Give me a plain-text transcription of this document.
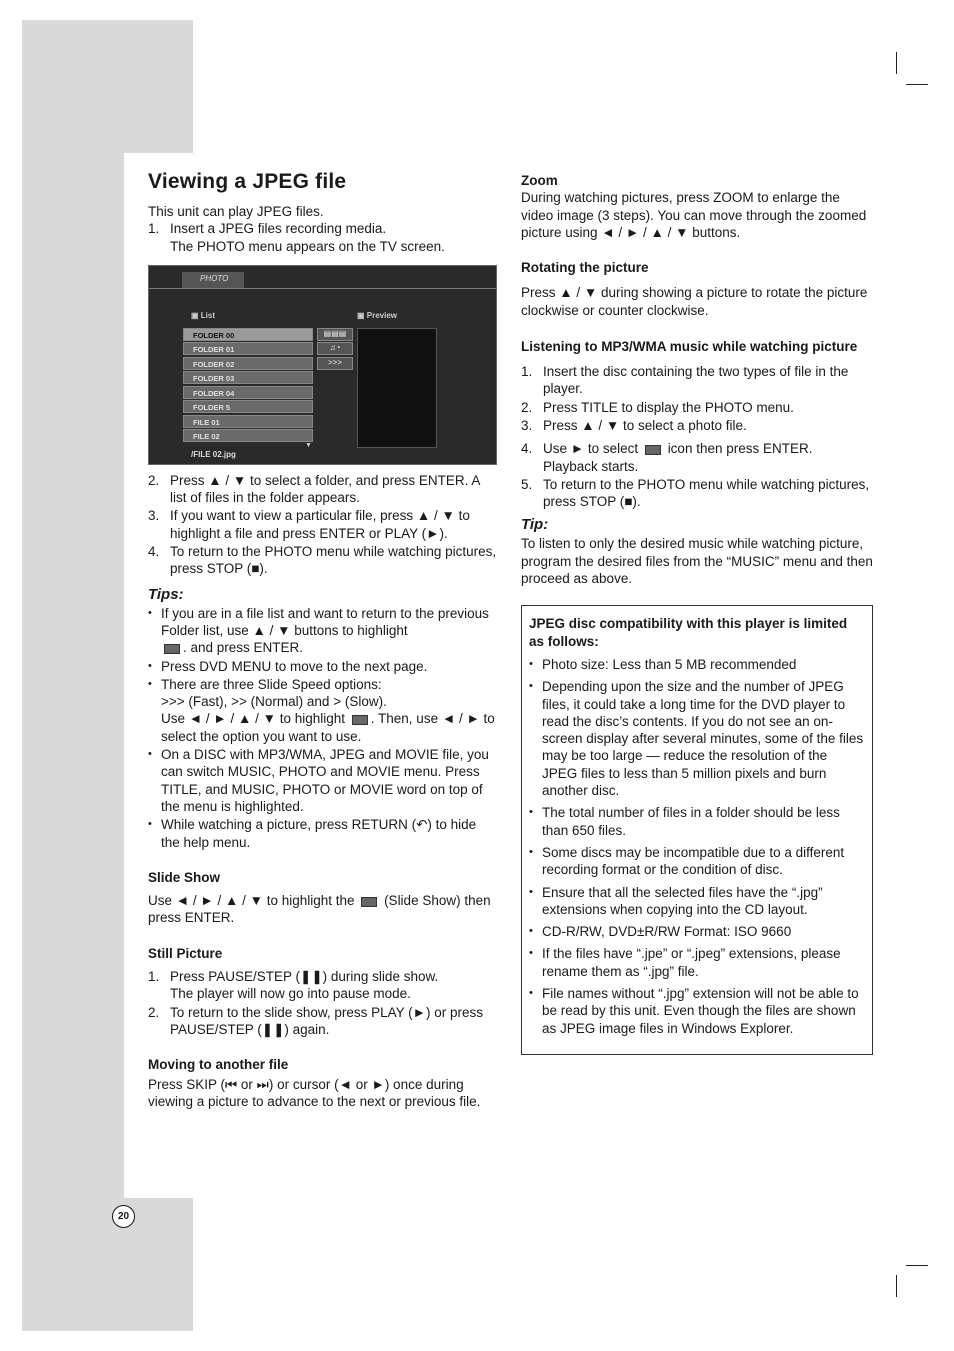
20
Viewing a JPEG file

This unit can play JPEG files.

1. Insert a JPEG files recording media.
The PHOTO menu appears on the TV screen.
PHOTO
▣ List	▣ Preview
FOLDER 00
FOLDER 01
FOLDER 02
FOLDER 03
FOLDER 04
FOLDER 5
FILE 01
FILE 02
▤▤▤
♫◔
>>>
▼
/FILE 02.jpg
2. Press ▲ / ▼ to select a folder, and press ENTER. A list of files in the folder appears.
3. If you want to view a particular file, press ▲ / ▼ to highlight a file and press ENTER or PLAY (►).
4. To return to the PHOTO menu while watching pictures, press STOP (■).
Tips:
• If you are in a file list and want to return to the previous Folder list, use ▲ / ▼ buttons to highlight
. and press ENTER.
• Press DVD MENU to move to the next page.
• There are three Slide Speed options:
>>> (Fast), >> (Normal) and > (Slow).
Use ◄ / ► / ▲ / ▼ to highlight . Then, use ◄ / ► to select the option you want to use.
• On a DISC with MP3/WMA, JPEG and MOVIE file, you can switch MUSIC, PHOTO and MOVIE menu. Press TITLE, and MUSIC, PHOTO or MOVIE word on top of the menu is highlighted.
• While watching a picture, press RETURN (↶) to hide the help menu.
Slide Show

Use ◄ / ► / ▲ / ▼ to highlight the (Slide Show) then press ENTER.

Still Picture
1. Press PAUSE/STEP (❚❚) during slide show.
The player will now go into pause mode.
2. To return to the slide show, press PLAY (►) or press PAUSE/STEP (❚❚) again.
Moving to another file

Press SKIP (⏮ or ⏭) or cursor (◄ or ►) once during viewing a picture to advance to the next or previous file.

Zoom

During watching pictures, press ZOOM to enlarge the video image (3 steps). You can move through the zoomed picture using ◄ / ► / ▲ / ▼ buttons.

Rotating the picture

Press ▲ / ▼ during showing a picture to rotate the picture clockwise or counter clockwise.

Listening to MP3/WMA music while watching picture
1. Insert the disc containing the two types of file in the player.
2. Press TITLE to display the PHOTO menu.
3. Press ▲ / ▼ to select a photo file.
4. Use ► to select icon then press ENTER.
Playback starts.
5. To return to the PHOTO menu while watching pictures, press STOP (■).
Tip:

To listen to only the desired music while watching picture, program the desired files from the “MUSIC” menu and then proceed as above.

JPEG disc compatibility with this player is limited as follows:
• Photo size: Less than 5 MB recommended
• Depending upon the size and the number of JPEG files, it could take a long time for the DVD player to read the disc’s contents. If you do not see an on-screen display after several minutes, some of the files may be too large — reduce the resolution of the JPEG files to less than 5 million pixels and burn another disc.
• The total number of files in a folder should be less than 650 files.
• Some discs may be incompatible due to a different recording format or the condition of disc.
• Ensure that all the selected files have the “.jpg” extensions when copying into the CD layout.
• CD-R/RW, DVD±R/RW Format: ISO 9660
• If the files have “.jpe” or “.jpeg” extensions, please rename them as “.jpg” file.
• File names without “.jpg” extension will not be able to be read by this unit. Even though the files are shown as JPEG image files in Windows Explorer.
